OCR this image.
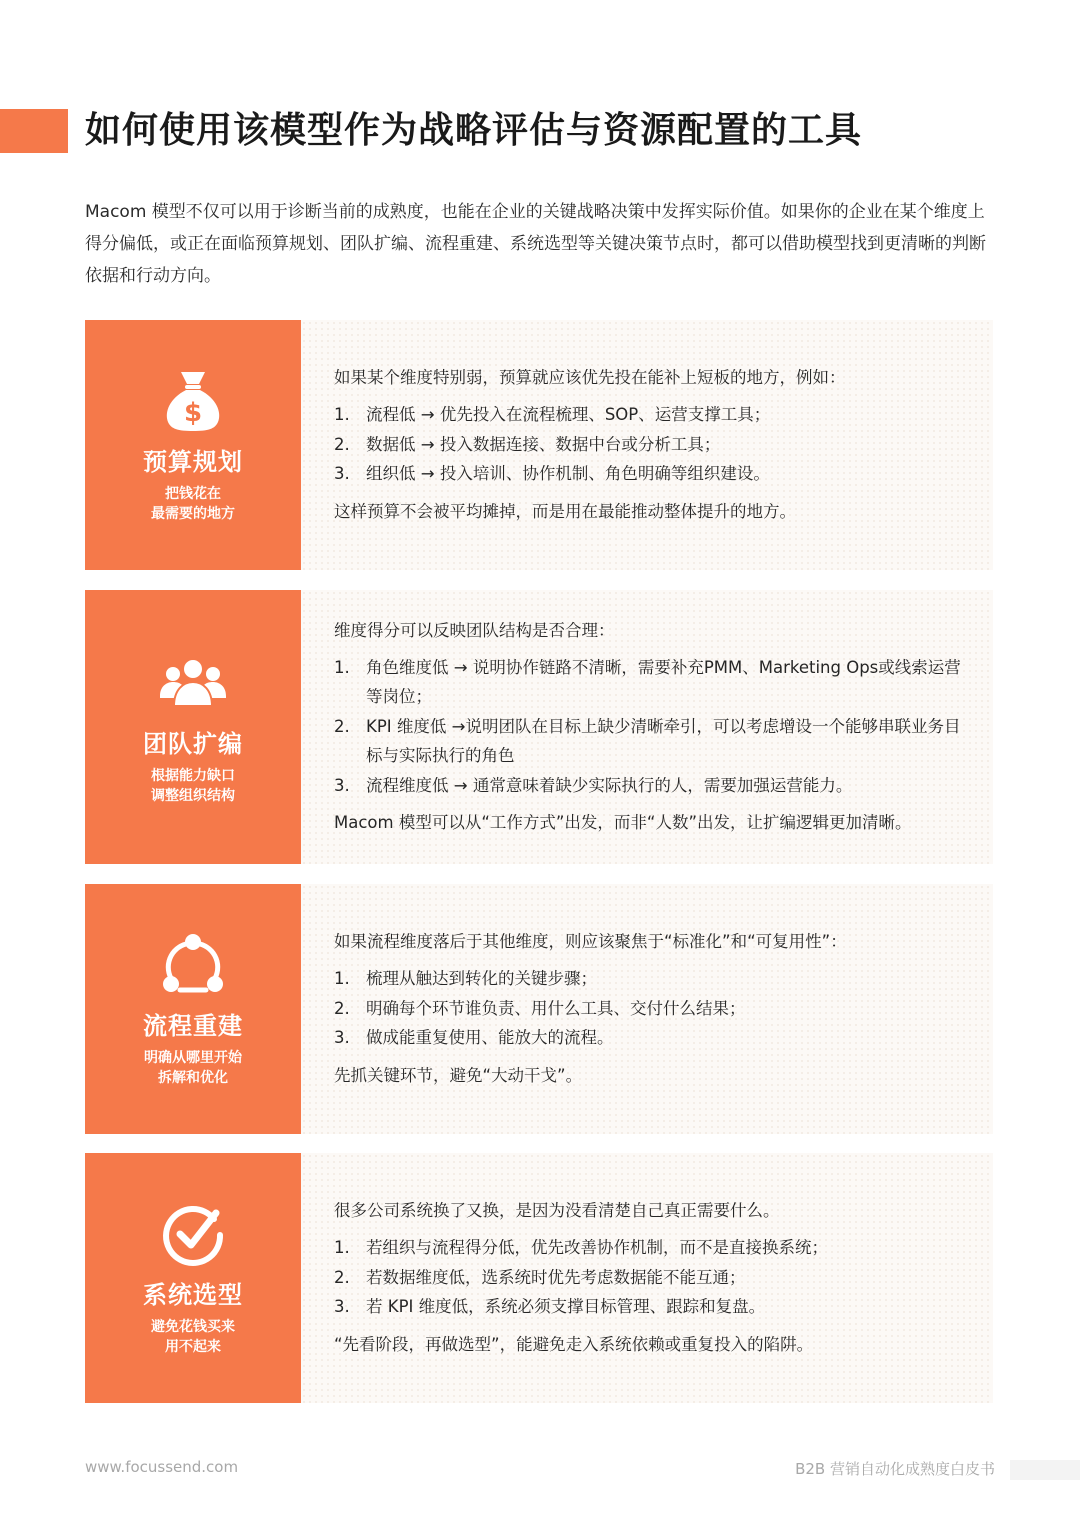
如何使用该模型作为战略评估与资源配置的工具

Macom 模型不仅可以用于诊断当前的成熟度，也能在企业的关键战略决策中发挥实际价值。如果你的企业在某个维度上得分偏低，或正在面临预算规划、团队扩编、流程重建、系统选型等关键决策节点时，都可以借助模型找到更清晰的判断依据和行动方向。

$
预算规划
把钱花在
最需要的地方
如果某个维度特别弱，预算就应该优先投在能补上短板的地方，例如：
1. 流程低 → 优先投入在流程梳理、SOP、运营支撑工具；
2. 数据低 → 投入数据连接、数据中台或分析工具；
3. 组织低 → 投入培训、协作机制、角色明确等组织建设。
这样预算不会被平均摊掉，而是用在最能推动整体提升的地方。
团队扩编
根据能力缺口
调整组织结构
维度得分可以反映团队结构是否合理：
1. 角色维度低 → 说明协作链路不清晰，需要补充PMM、Marketing Ops或线索运营等岗位；
2. KPI 维度低 →说明团队在目标上缺少清晰牵引，可以考虑增设一个能够串联业务目标与实际执行的角色
3. 流程维度低 → 通常意味着缺少实际执行的人，需要加强运营能力。
Macom 模型可以从“工作方式”出发，而非“人数”出发，让扩编逻辑更加清晰。
流程重建
明确从哪里开始
拆解和优化
如果流程维度落后于其他维度，则应该聚焦于“标准化”和“可复用性”：
1. 梳理从触达到转化的关键步骤；
2. 明确每个环节谁负责、用什么工具、交付什么结果；
3. 做成能重复使用、能放大的流程。
先抓关键环节，避免“大动干戈”。
系统选型
避免花钱买来
用不起来
很多公司系统换了又换，是因为没看清楚自己真正需要什么。
1. 若组织与流程得分低，优先改善协作机制，而不是直接换系统；
2. 若数据维度低，选系统时优先考虑数据能不能互通；
3. 若 KPI 维度低，系统必须支撑目标管理、跟踪和复盘。
“先看阶段，再做选型”，能避免走入系统依赖或重复投入的陷阱。
www.focussend.com	B2B 营销自动化成熟度白皮书
